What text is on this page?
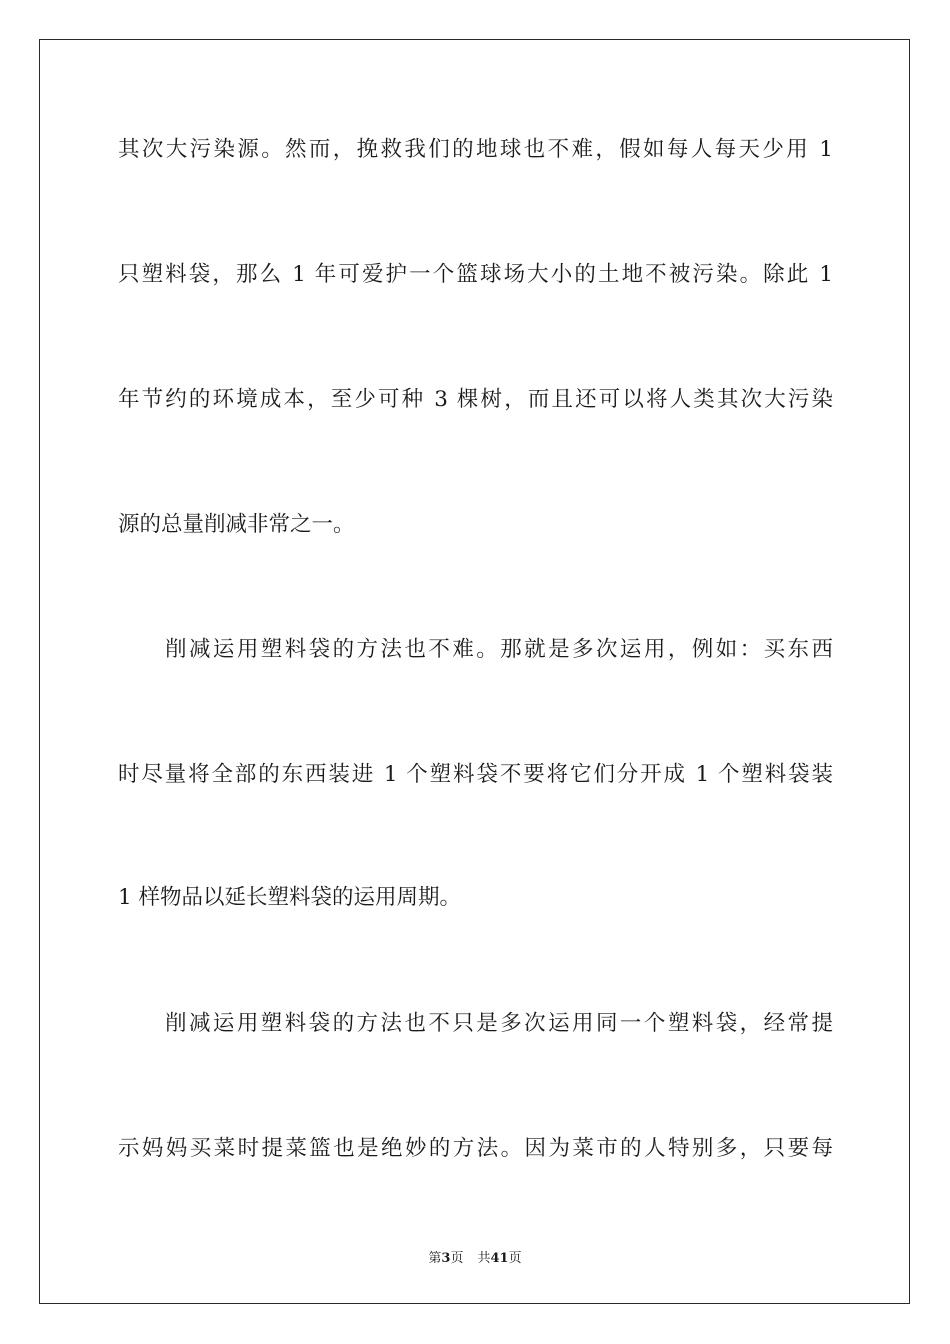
其次大污染源。然而，挽救我们的地球也不难，假如每人每天少用 1
只塑料袋，那么 1 年可爱护一个篮球场大小的土地不被污染。除此 1
年节约的环境成本，至少可种 3 棵树，而且还可以将人类其次大污染
源的总量削减非常之一。
削减运用塑料袋的方法也不难。那就是多次运用，例如：买东西
时尽量将全部的东西装进 1 个塑料袋不要将它们分开成 1 个塑料袋装
1 样物品以延长塑料袋的运用周期。
削减运用塑料袋的方法也不只是多次运用同一个塑料袋，经常提
示妈妈买菜时提菜篮也是绝妙的方法。因为菜市的人特别多，只要每
第3页 共41页
